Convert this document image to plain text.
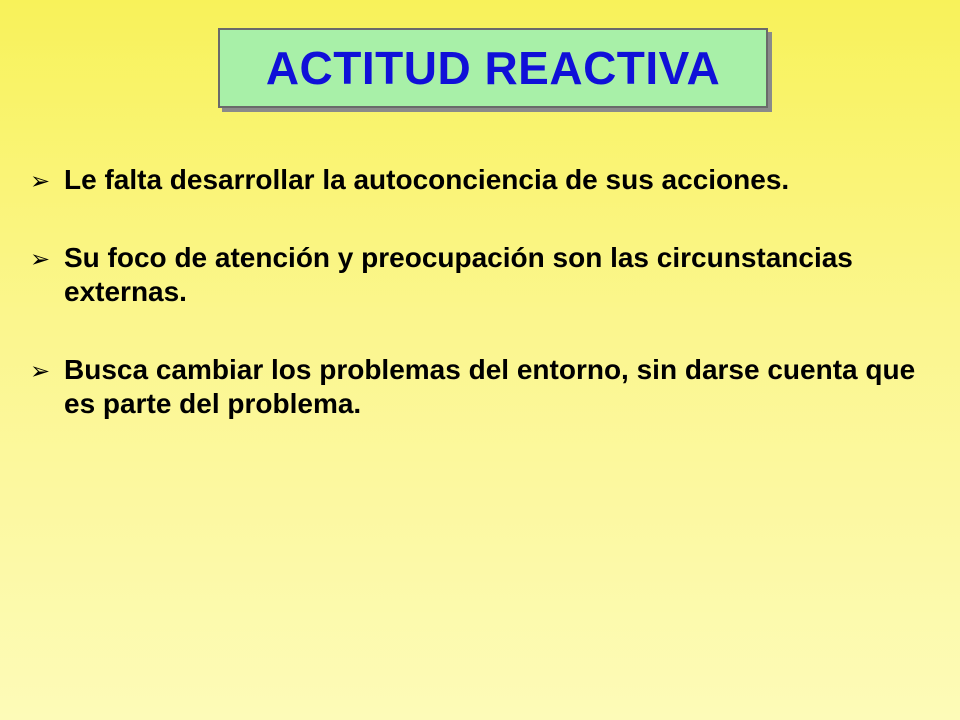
ACTITUD REACTIVA
➢ Le falta desarrollar la autoconciencia de sus acciones.
➢ Su foco de atención y preocupación son las circunstancias externas.
➢ Busca cambiar los problemas del entorno, sin darse cuenta que es parte del problema.
